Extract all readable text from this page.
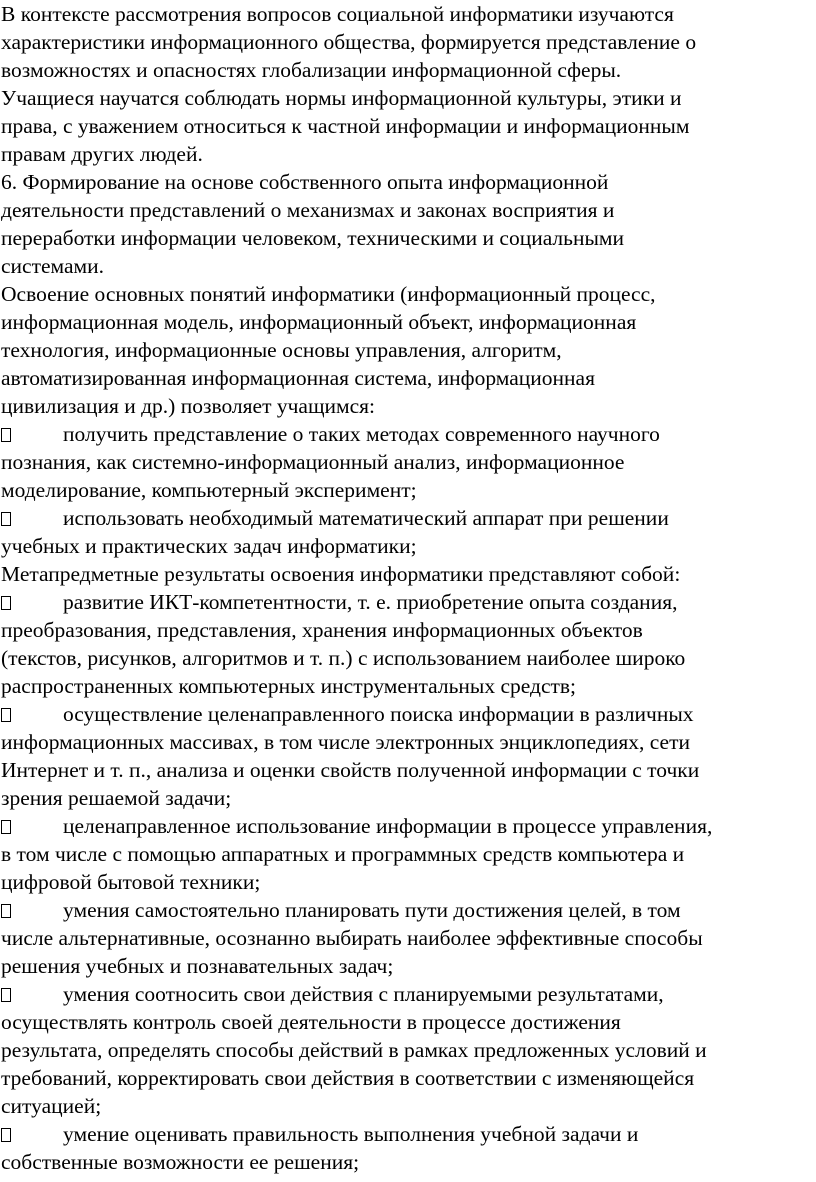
В контексте рассмотрения вопросов социальной информатики изучаются
характеристики информационного общества, формируется представление о
возможностях и опасностях глобализации информационной сферы.
Учащиеся научатся соблюдать нормы информационной культуры, этики и
права, с уважением относиться к частной информации и информационным
правам других людей.
6. Формирование на основе собственного опыта информационной
деятельности представлений о механизмах и законах восприятия и
переработки информации человеком, техническими и социальными
системами.
Освоение основных понятий информатики (информационный процесс,
информационная модель, информационный объект, информационная
технология, информационные основы управления, алгоритм,
автоматизированная информационная система, информационная
цивилизация и др.) позволяет учащимся:
получить представление о таких методах современного научного
познания, как системно-информационный анализ, информационное
моделирование, компьютерный эксперимент;
использовать необходимый математический аппарат при решении
учебных и практических задач информатики;
Метапредметные результаты освоения информатики представляют собой:
развитие ИКТ-компетентности, т. е. приобретение опыта создания,
преобразования, представления, хранения информационных объектов
(текстов, рисунков, алгоритмов и т. п.) с использованием наиболее широко
распространенных компьютерных инструментальных средств;
осуществление целенаправленного поиска информации в различных
информационных массивах, в том числе электронных энциклопедиях, сети
Интернет и т. п., анализа и оценки свойств полученной информации с точки
зрения решаемой задачи;
целенаправленное использование информации в процессе управления,
в том числе с помощью аппаратных и программных средств компьютера и
цифровой бытовой техники;
умения самостоятельно планировать пути достижения целей, в том
числе альтернативные, осознанно выбирать наиболее эффективные способы
решения учебных и познавательных задач;
умения соотносить свои действия с планируемыми результатами,
осуществлять контроль своей деятельности в процессе достижения
результата, определять способы действий в рамках предложенных условий и
требований, корректировать свои действия в соответствии с изменяющейся
ситуацией;
умение оценивать правильность выполнения учебной задачи и
собственные возможности ее решения;
